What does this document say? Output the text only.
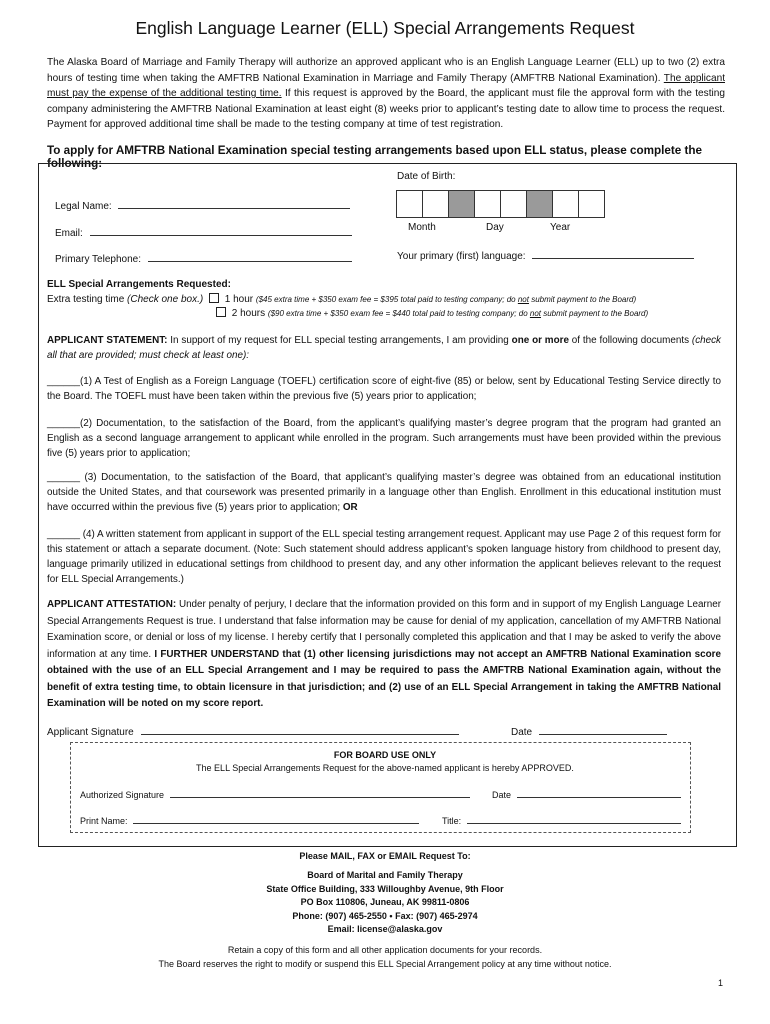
English Language Learner (ELL) Special Arrangements Request
The Alaska Board of Marriage and Family Therapy will authorize an approved applicant who is an English Language Learner (ELL) up to two (2) extra hours of testing time when taking the AMFTRB National Examination in Marriage and Family Therapy (AMFTRB National Examination). The applicant must pay the expense of the additional testing time. If this request is approved by the Board, the applicant must file the approval form with the testing company administering the AMFTRB National Examination at least eight (8) weeks prior to applicant’s testing date to allow time to process the request. Payment for approved additional time shall be made to the testing company at time of test registration.
To apply for AMFTRB National Examination special testing arrangements based upon ELL status, please complete the following:
Date of Birth:
Month	Day	Year
Legal Name:
Email:
Primary Telephone:	Your primary (first) language:
ELL Special Arrangements Requested:
Extra testing time (Check one box.) 1 hour ($45 extra time + $350 exam fee = $395 total paid to testing company; do not submit payment to the Board)
2 hours ($90 extra time + $350 exam fee = $440 total paid to testing company; do not submit payment to the Board)
APPLICANT STATEMENT: In support of my request for ELL special testing arrangements, I am providing one or more of the following documents (check all that are provided; must check at least one):
______(1) A Test of English as a Foreign Language (TOEFL) certification score of eight-five (85) or below, sent by Educational Testing Service directly to the Board. The TOEFL must have been taken within the previous five (5) years prior to application;
______(2) Documentation, to the satisfaction of the Board, from the applicant’s qualifying master’s degree program that the program had granted an English as a second language arrangement to applicant while enrolled in the program. Such arrangements must have been provided within the previous five (5) years prior to application;
______ (3) Documentation, to the satisfaction of the Board, that applicant’s qualifying master’s degree was obtained from an educational institution outside the United States, and that coursework was presented primarily in a language other than English. Enrollment in this educational institution must have occurred within the previous five (5) years prior to application; OR
______ (4) A written statement from applicant in support of the ELL special testing arrangement request. Applicant may use Page 2 of this request form for this statement or attach a separate document. (Note: Such statement should address applicant’s spoken language history from childhood to present day, language primarily utilized in educational settings from childhood to present day, and any other information the applicant believes relevant to the request for ELL Special Arrangements.)
APPLICANT ATTESTATION: Under penalty of perjury, I declare that the information provided on this form and in support of my English Language Learner Special Arrangements Request is true. I understand that false information may be cause for denial of my application, cancellation of my AMFTRB National Examination score, or denial or loss of my license. I hereby certify that I personally completed this application and that I may be asked to verify the above information at any time. I FURTHER UNDERSTAND that (1) other licensing jurisdictions may not accept an AMFTRB National Examination score obtained with the use of an ELL Special Arrangement and I may be required to pass the AMFTRB National Examination again, without the benefit of extra testing time, to obtain licensure in that jurisdiction; and (2) use of an ELL Special Arrangement in taking the AMFTRB National Examination will be noted on my score report.
Applicant Signature	Date
FOR BOARD USE ONLY
The ELL Special Arrangements Request for the above-named applicant is hereby APPROVED.
Authorized Signature	Date
Print Name:	Title:
Please MAIL, FAX or EMAIL Request To:
Board of Marital and Family Therapy
State Office Building, 333 Willoughby Avenue, 9th Floor
PO Box 110806, Juneau, AK 99811-0806
Phone: (907) 465-2550 • Fax: (907) 465-2974
Email: license@alaska.gov
Retain a copy of this form and all other application documents for your records.
The Board reserves the right to modify or suspend this ELL Special Arrangement policy at any time without notice.
1
